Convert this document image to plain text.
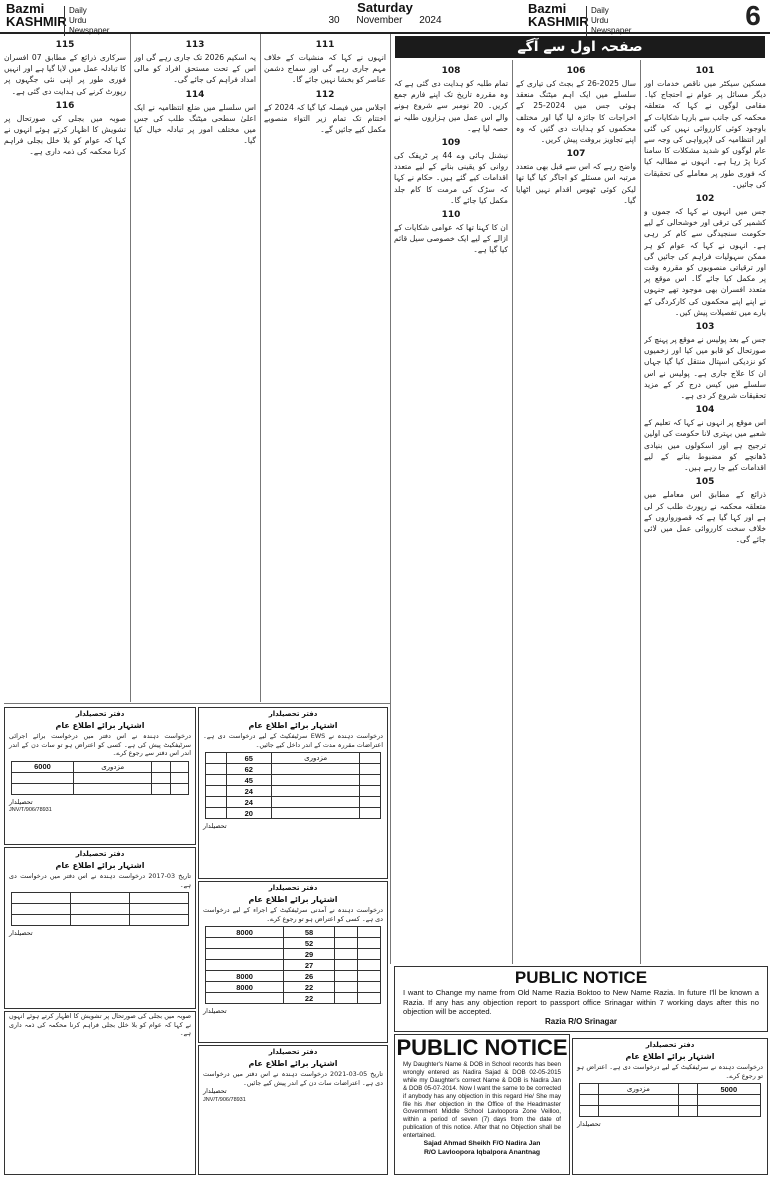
Bazmi
KASHMIR
Daily
Urdu Newspaper
Saturday
30 November 2024
Bazmi
KASHMIR
Daily
Urdu Newspaper	6
صفحہ اول سے آگے
101

مسکین سیکٹر میں ناقص خدمات اور دیگر مسائل پر عوام نے احتجاج کیا۔ مقامی لوگوں نے کہا کہ متعلقہ محکمہ کی جانب سے بارہا شکایات کے باوجود کوئی کارروائی نہیں کی گئی اور انتظامیہ کی لاپرواہی کی وجہ سے عام لوگوں کو شدید مشکلات کا سامنا کرنا پڑ رہا ہے۔ انہوں نے مطالبہ کیا کہ فوری طور پر معاملے کی تحقیقات کی جائیں۔

102

جس میں انہوں نے کہا کہ جموں و کشمیر کی ترقی اور خوشحالی کے لیے حکومت سنجیدگی سے کام کر رہی ہے۔ انہوں نے کہا کہ عوام کو ہر ممکن سہولیات فراہم کی جائیں گی اور ترقیاتی منصوبوں کو مقررہ وقت پر مکمل کیا جائے گا۔ اس موقع پر متعدد افسران بھی موجود تھے جنہوں نے اپنے اپنے محکموں کی کارکردگی کے بارے میں تفصیلات پیش کیں۔

103

جس کے بعد پولیس نے موقع پر پہنچ کر صورتحال کو قابو میں کیا اور زخمیوں کو نزدیکی اسپتال منتقل کیا گیا جہاں ان کا علاج جاری ہے۔ پولیس نے اس سلسلے میں کیس درج کر کے مزید تحقیقات شروع کر دی ہے۔

104

اس موقع پر انہوں نے کہا کہ تعلیم کے شعبے میں بہتری لانا حکومت کی اولین ترجیح ہے اور اسکولوں میں بنیادی ڈھانچے کو مضبوط بنانے کے لیے اقدامات کیے جا رہے ہیں۔

105

ذرائع کے مطابق اس معاملے میں متعلقہ محکمہ نے رپورٹ طلب کر لی ہے اور کہا گیا ہے کہ قصورواروں کے خلاف سخت کارروائی عمل میں لائی جائے گی۔

106

سال 2025-26 کے بجٹ کی تیاری کے سلسلے میں ایک اہم میٹنگ منعقد ہوئی جس میں 2024-25 کے اخراجات کا جائزہ لیا گیا اور مختلف محکموں کو ہدایات دی گئیں کہ وہ اپنے تجاویز بروقت پیش کریں۔

107

واضح رہے کہ اس سے قبل بھی متعدد مرتبہ اس مسئلے کو اجاگر کیا گیا تھا لیکن کوئی ٹھوس اقدام نہیں اٹھایا گیا۔

108

تمام طلبہ کو ہدایت دی گئی ہے کہ وہ مقررہ تاریخ تک اپنے فارم جمع کریں۔ 20 نومبر سے شروع ہونے والے اس عمل میں ہزاروں طلبہ نے حصہ لیا ہے۔

109

نیشنل ہائی وے 44 پر ٹریفک کی روانی کو یقینی بنانے کے لیے متعدد اقدامات کیے گئے ہیں۔ حکام نے کہا کہ سڑک کی مرمت کا کام جلد مکمل کیا جائے گا۔

110

ان کا کہنا تھا کہ عوامی شکایات کے ازالے کے لیے ایک خصوصی سیل قائم کیا گیا ہے۔

111

انہوں نے کہا کہ منشیات کے خلاف مہم جاری رہے گی اور سماج دشمن عناصر کو بخشا نہیں جائے گا۔

112

اجلاس میں فیصلہ کیا گیا کہ 2024 کے اختتام تک تمام زیر التواء منصوبے مکمل کیے جائیں گے۔

113

یہ اسکیم 2026 تک جاری رہے گی اور اس کے تحت مستحق افراد کو مالی امداد فراہم کی جائے گی۔

114

اس سلسلے میں ضلع انتظامیہ نے ایک اعلیٰ سطحی میٹنگ طلب کی جس میں مختلف امور پر تبادلہ خیال کیا گیا۔

115

سرکاری ذرائع کے مطابق 07 افسران کا تبادلہ عمل میں لایا گیا ہے اور انہیں فوری طور پر اپنی نئی جگہوں پر رپورٹ کرنے کی ہدایت دی گئی ہے۔

116

صوبہ میں بجلی کی صورتحال پر تشویش کا اظہار کرتے ہوئے انہوں نے کہا کہ عوام کو بلا خلل بجلی فراہم کرنا محکمہ کی ذمہ داری ہے۔

دفتر تحصیلدار
اشتہار برائے اطلاع عام
درخواست دہندہ نے اس دفتر میں درخواست برائے اجرائی سرٹیفکیٹ پیش کی ہے۔ کسی کو اعتراض ہو تو سات دن کے اندر اندر اس دفتر سے رجوع کرے۔
		مزدوری	6000

تحصیلدار
JNV/T/906/78931
دفتر تحصیلدار
اشتہار برائے اطلاع عام
درخواست دہندہ نے EWS سرٹیفکیٹ کے لیے درخواست دی ہے۔ اعتراضات مقررہ مدت کے اندر داخل کیے جائیں۔
	مزدوری	65	
		62	
		45	
		24	
		24	
		20	
تحصیلدار
دفتر تحصیلدار
اشتہار برائے اطلاع عام
درخواست دہندہ نے آمدنی سرٹیفکیٹ کے اجراء کے لیے درخواست دی ہے۔ کسی کو اعتراض ہو تو رجوع کرے۔
		58	8000
		52	
		29	
		27	
		26	8000
		22	8000
		22	
تحصیلدار
دفتر تحصیلدار
اشتہار برائے اطلاع عام
تاریخ 05-03-2021 درخواست دہندہ نے اس دفتر میں درخواست دی ہے۔ اعتراضات سات دن کے اندر پیش کیے جائیں۔
تحصیلدار
JNV/T/906/78931
دفتر تحصیلدار
اشتہار برائے اطلاع عام
تاریخ 03-2017 درخواست دہندہ نے اس دفتر میں درخواست دی ہے۔

تحصیلدار
صوبہ میں بجلی کی صورتحال پر تشویش کا اظہار کرتے ہوئے انہوں نے کہا کہ عوام کو بلا خلل بجلی فراہم کرنا محکمہ کی ذمہ داری ہے۔
دفتر تحصیلدار
اشتہار برائے اطلاع عام
درخواست دہندہ نے سرٹیفکیٹ کے لیے درخواست دی ہے۔ اعتراض ہو تو رجوع کرے۔
5000		مزدوری	

تحصیلدار
PUBLIC NOTICE
I want to Change my name from Old Name Razia Boktoo to New Name Razia. In future I'll be known a Razia. If any has any objection report to passport office Srinagar within 7 working days after this no objection will be accepted.
Razia R/O Srinagar
PUBLIC NOTICE
My Daughter's Name & DOB in School records has been wrongly entered as Nadira Sajad & DOB 02-05-2015 while my Daughter's correct Name & DOB is Nadira Jan & DOB 05-07-2014. Now I want the same to be corrected if anybody has any objection in this regard He/ She may file his /her objection in the Office of the Headmaster Government Middle School Lavloopora Zone Veilloo, within a period of seven (7) days from the date of publication of this notice. After that no Objection shall be entertained.
Sajad Ahmad Sheikh F/O Nadira Jan
R/O Lavloopora Iqbalpora Anantnag
